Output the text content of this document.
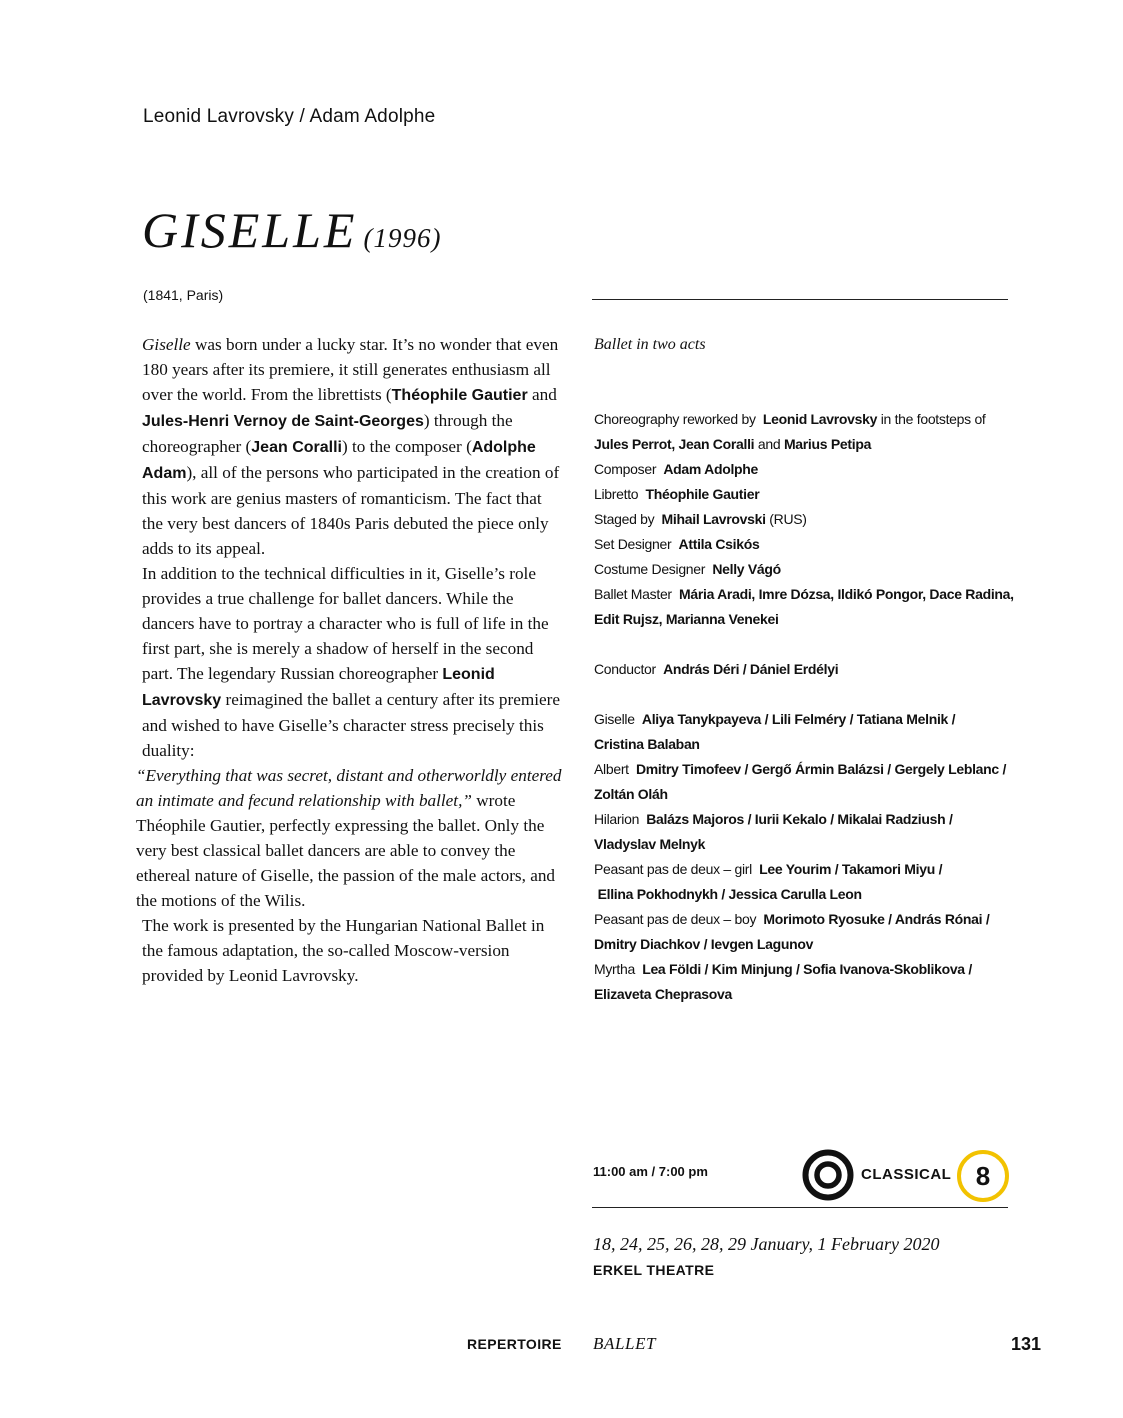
Leonid Lavrovsky / Adam Adolphe
GISELLE (1996)
(1841, Paris)

Giselle was born under a lucky star. It’s no wonder that even 180 years after its premiere, it still generates enthusiasm all over the world. From the librettists (Théophile Gautier and Jules-Henri Vernoy de Saint-Georges) through the choreographer (Jean Coralli) to the composer (Adolphe Adam), all of the persons who participated in the creation of this work are genius masters of romanticism. The fact that the very best dancers of 1840s Paris debuted the piece only adds to its appeal.

In addition to the technical difficulties in it, Giselle’s role provides a true challenge for ballet dancers. While the dancers have to portray a character who is full of life in the first part, she is merely a shadow of herself in the second part. The legendary Russian choreographer Leonid Lavrovsky reimagined the ballet a century after its premiere and wished to have Giselle’s character stress precisely this duality:

“Everything that was secret, distant and otherworldly entered an intimate and fecund relationship with ballet,” wrote Théophile Gautier, perfectly expressing the ballet. Only the very best classical ballet dancers are able to convey the ethereal nature of Giselle, the passion of the male actors, and the motions of the Wilis.

The work is presented by the Hungarian National Ballet in the famous adaptation, the so-called Moscow-version provided by Leonid Lavrovsky.

Ballet in two acts
Choreography reworked by Leonid Lavrovsky in the footsteps of
Jules Perrot, Jean Coralli and Marius Petipa
Composer Adam Adolphe
Libretto Théophile Gautier
Staged by Mihail Lavrovski (RUS)
Set Designer Attila Csikós
Costume Designer Nelly Vágó
Ballet Master Mária Aradi, Imre Dózsa, Ildikó Pongor, Dace Radina,
Edit Rujsz, Marianna Venekei
Conductor András Déri / Dániel Erdélyi
Giselle Aliya Tanykpayeva / Lili Felméry / Tatiana Melnik /
Cristina Balaban
Albert Dmitry Timofeev / Gergő Ármin Balázsi / Gergely Leblanc /
Zoltán Oláh
Hilarion Balázs Majoros / Iurii Kekalo / Mikalai Radziush /
Vladyslav Melnyk
Peasant pas de deux – girl Lee Yourim / Takamori Miyu /
Ellina Pokhodnykh / Jessica Carulla Leon
Peasant pas de deux – boy Morimoto Ryosuke / András Rónai /
Dmitry Diachkov / Ievgen Lagunov
Myrtha Lea Földi / Kim Minjung / Sofia Ivanova-Skoblikova /
Elizaveta Cheprasova
11:00 am / 7:00 pm	CLASSICAL 8
18, 24, 25, 26, 28, 29 January, 1 February 2020
ERKEL THEATRE
REPERTOIRE BALLET	131
